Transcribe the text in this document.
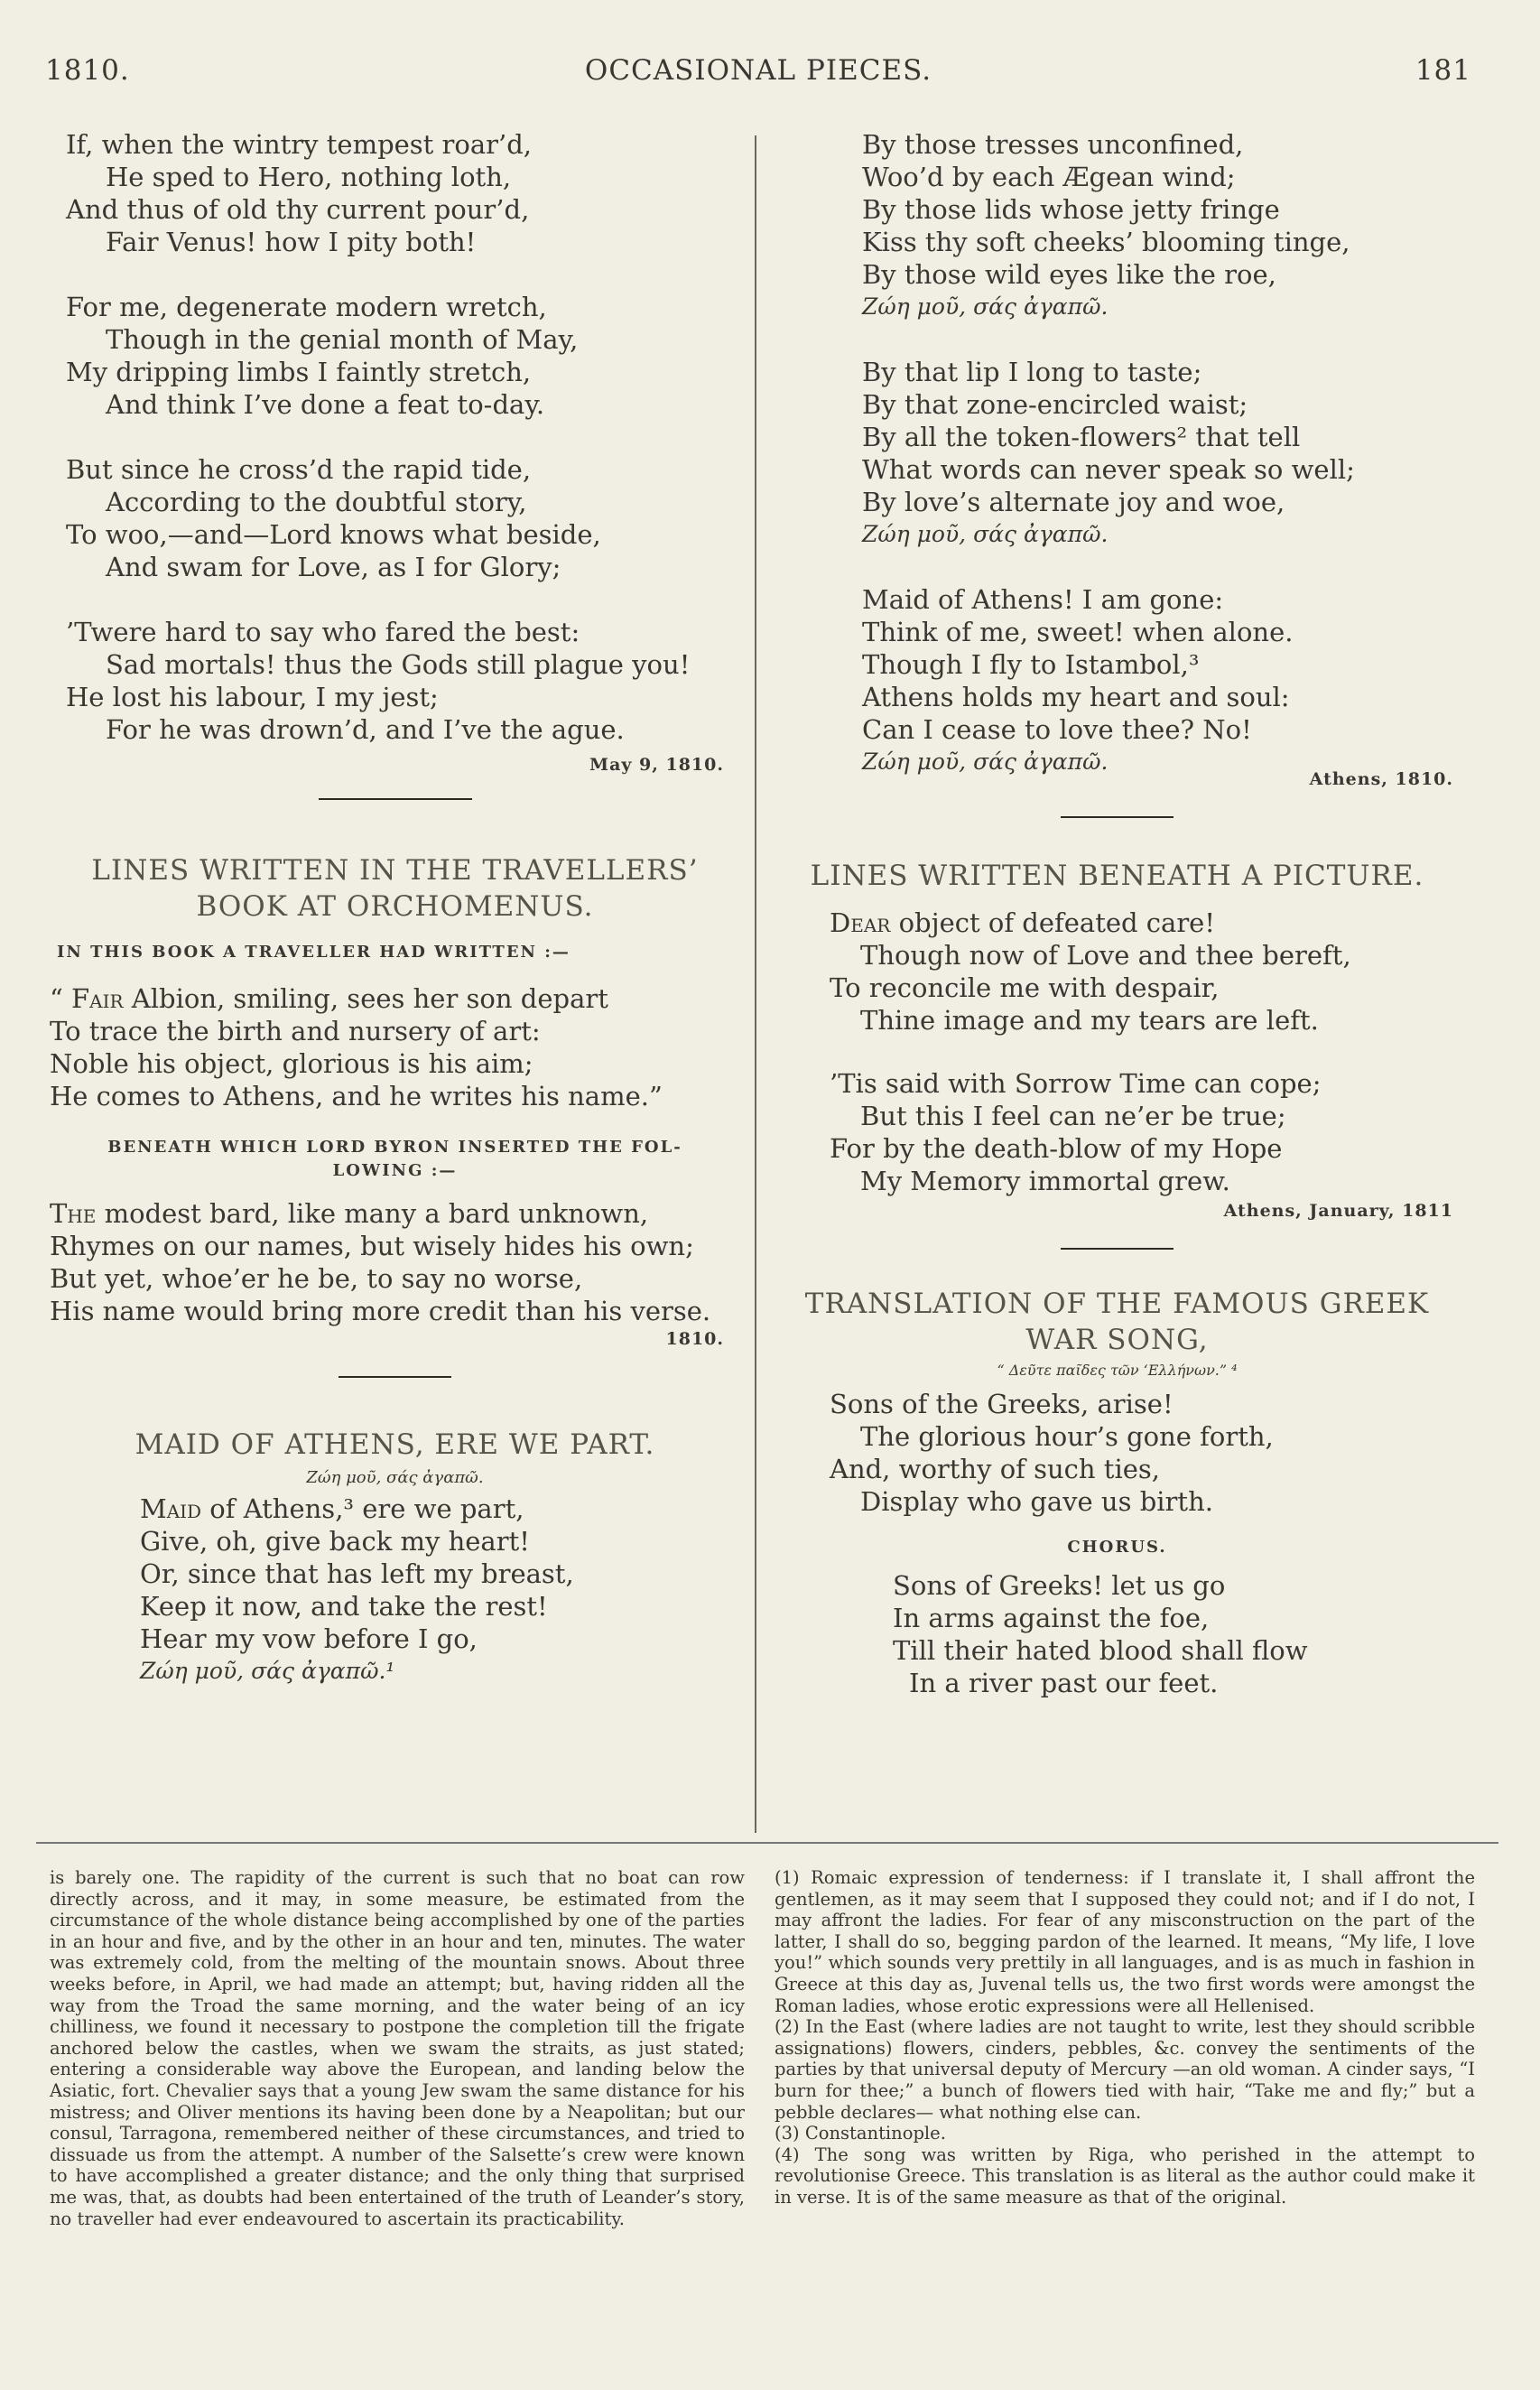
1810.	OCCASIONAL PIECES.	181
If, when the wintry tempest roar’d,
He sped to Hero, nothing loth,
And thus of old thy current pour’d,
Fair Venus! how I pity both!
For me, degenerate modern wretch,
Though in the genial month of May,
My dripping limbs I faintly stretch,
And think I’ve done a feat to-day.
But since he cross’d the rapid tide,
According to the doubtful story,
To woo,—and—Lord knows what beside,
And swam for Love, as I for Glory;
’Twere hard to say who fared the best:
Sad mortals! thus the Gods still plague you!
He lost his labour, I my jest;
For he was drown’d, and I’ve the ague.
May 9, 1810.
LINES WRITTEN IN THE TRAVELLERS’
BOOK AT ORCHOMENUS.
IN THIS BOOK A TRAVELLER HAD WRITTEN :—
“ Fair Albion, smiling, sees her son depart
To trace the birth and nursery of art:
Noble his object, glorious is his aim;
He comes to Athens, and he writes his name.”
BENEATH WHICH LORD BYRON INSERTED THE FOL-
LOWING :—
The modest bard, like many a bard unknown,
Rhymes on our names, but wisely hides his own;
But yet, whoe’er he be, to say no worse,
His name would bring more credit than his verse.
1810.
MAID OF ATHENS, ERE WE PART.
Ζώη μοῦ, σάς ἀγαπῶ.
Maid of Athens,³ ere we part,
Give, oh, give back my heart!
Or, since that has left my breast,
Keep it now, and take the rest!
Hear my vow before I go,
Ζώη μοῦ, σάς ἀγαπῶ.¹
By those tresses unconfined,
Woo’d by each Ægean wind;
By those lids whose jetty fringe
Kiss thy soft cheeks’ blooming tinge,
By those wild eyes like the roe,
Ζώη μοῦ, σάς ἀγαπῶ.
By that lip I long to taste;
By that zone-encircled waist;
By all the token-flowers² that tell
What words can never speak so well;
By love’s alternate joy and woe,
Ζώη μοῦ, σάς ἀγαπῶ.
Maid of Athens! I am gone:
Think of me, sweet! when alone.
Though I fly to Istambol,³
Athens holds my heart and soul:
Can I cease to love thee? No!
Ζώη μοῦ, σάς ἀγαπῶ.
Athens, 1810.
LINES WRITTEN BENEATH A PICTURE.
Dear object of defeated care!
Though now of Love and thee bereft,
To reconcile me with despair,
Thine image and my tears are left.
’Tis said with Sorrow Time can cope;
But this I feel can ne’er be true;
For by the death-blow of my Hope
My Memory immortal grew.
Athens, January, 1811
TRANSLATION OF THE FAMOUS GREEK
WAR SONG,
“ Δεῦτε παῖδες τῶν ‘Ελλήνων.” ⁴
Sons of the Greeks, arise!
The glorious hour’s gone forth,
And, worthy of such ties,
Display who gave us birth.
CHORUS.
Sons of Greeks! let us go
In arms against the foe,
Till their hated blood shall flow
In a river past our feet.
is barely one. The rapidity of the current is such that no boat can row directly across, and it may, in some measure, be estimated from the circumstance of the whole distance being accomplished by one of the parties in an hour and five, and by the other in an hour and ten, minutes. The water was extremely cold, from the melting of the mountain snows. About three weeks before, in April, we had made an attempt; but, having ridden all the way from the Troad the same morning, and the water being of an icy chilliness, we found it necessary to postpone the completion till the frigate anchored below the castles, when we swam the straits, as just stated; entering a considerable way above the European, and landing below the Asiatic, fort. Chevalier says that a young Jew swam the same distance for his mistress; and Oliver mentions its having been done by a Neapolitan; but our consul, Tarragona, remembered neither of these circumstances, and tried to dissuade us from the attempt. A number of the Salsette’s crew were known to have accomplished a greater distance; and the only thing that surprised me was, that, as doubts had been entertained of the truth of Leander’s story, no traveller had ever endeavoured to ascertain its practicability.

(1) Romaic expression of tenderness: if I translate it, I shall affront the gentlemen, as it may seem that I supposed they could not; and if I do not, I may affront the ladies. For fear of any misconstruction on the part of the latter, I shall do so, begging pardon of the learned. It means, “My life, I love you!” which sounds very prettily in all languages, and is as much in fashion in Greece at this day as, Juvenal tells us, the two first words were amongst the Roman ladies, whose erotic expressions were all Hellenised.

(2) In the East (where ladies are not taught to write, lest they should scribble assignations) flowers, cinders, pebbles, &c. convey the sentiments of the parties by that universal deputy of Mercury —an old woman. A cinder says, “I burn for thee;” a bunch of flowers tied with hair, “Take me and fly;” but a pebble declares— what nothing else can.

(3) Constantinople.

(4) The song was written by Riga, who perished in the attempt to revolutionise Greece. This translation is as literal as the author could make it in verse. It is of the same measure as that of the original.
